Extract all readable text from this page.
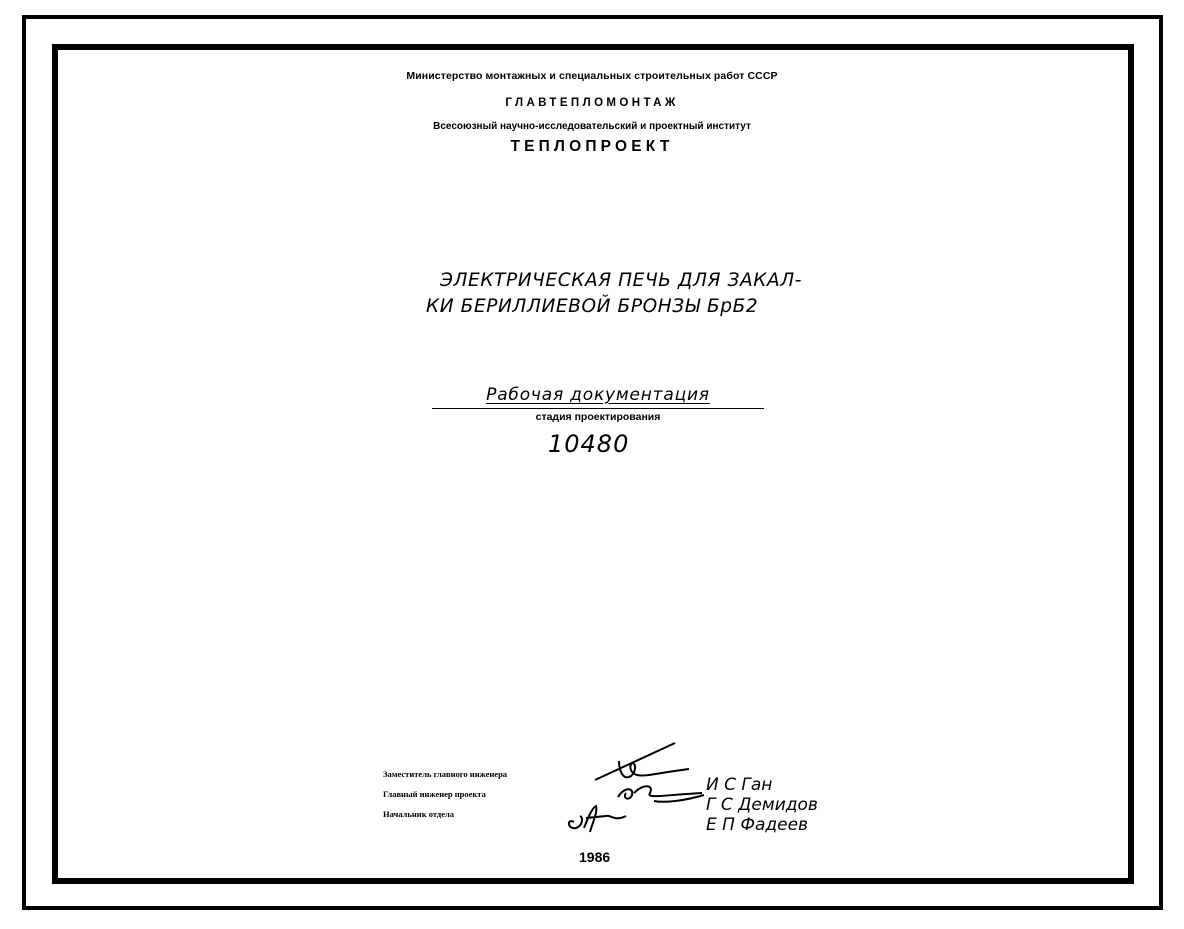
Министерство монтажных и специальных строительных работ СССР
ГЛАВТЕПЛОМОНТАЖ
Всесоюзный научно-исследовательский и проектный институт
ТЕПЛОПРОЕКТ
ЭЛЕКТРИЧЕСКАЯ ПЕЧЬ ДЛЯ ЗАКАЛ-
КИ БЕРИЛЛИЕВОЙ БРОНЗЫ БрБ2
Рабочая документация
стадия проектирования
10480
Заместитель главного инженера
Главный инженер проекта
Начальник отдела
И С Ган
Г С Демидов
Е П Фадеев
1986
